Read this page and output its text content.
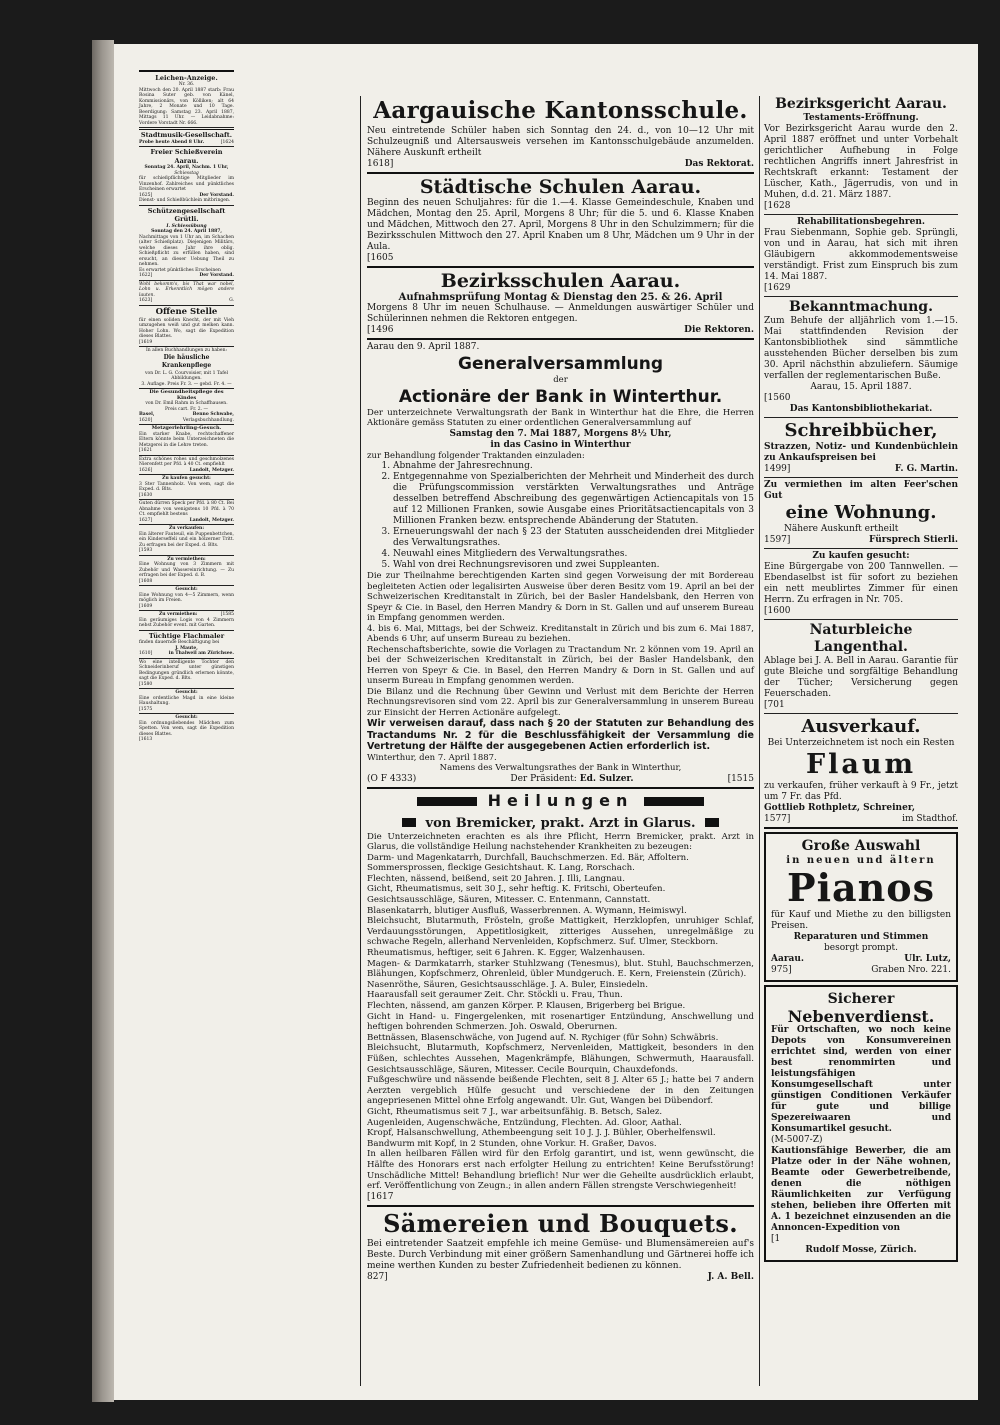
Leichen-Anzeige.
Nr. 36.

Mittwoch den 20. April 1887 starb: Frau Rosina Suter geb. von Känel, Kommissionärs, von Kölliken; alt 64 Jahre, 2 Monate und 10 Tage. Beerdigung: Samstag 23. April 1887, Mittags 11 Uhr. — Leidabnahme: Vordere Vorstadt Nr. 666.

Stadtmusik-Gesellschaft.
Probe heute Abend 8 Uhr. [1624
Freier Schießverein Aarau.
Sonntag 24. April, Nachm. 1 Uhr,
Schiesstag

für schießpflichtige Mitglieder im Vinzenhof. Zahlreiches und pünktliches Erscheinen erwartet

1625]	Der Vorstand.

Dienst- und Schießbüchlein mitbringen.

Schützengesellschaft Grütli.
I. Schiessübung
Sonntag den 24. April 1887,

Nachmittags von 1 Uhr an, im Schachen (alter Schießplatz). Diejenigen Militärs, welche dieses Jahr ihre oblig. Schießpflicht zu erfüllen haben, sind ersucht, an dieser Uebung Theil zu nehmen.

Es erwartet pünktliches Erscheinen

1622]	Der Vorstand.

Wohl bekomm's, bis That war nobel, Lohn u. Erkenntlich mögen andere lauten.

1623]	G.
Offene Stelle

für einen soliden Knecht, der mit Vieh umzugehen weiß und gut melken kann. Hoher Lohn. Wo, sagt die Expedition dieses Blattes.

[1619
In allen Buchhandlungen zu haben:
Die häusliche Krankenpflege
von Dr. L. G. Courvoisier, mit 1 Tafel Abbildungen.
3. Auflage. Preis Fr. 3. — gebd. Fr. 4. —
Die Gesundheitspflege des Kindes
von Dr. Emil Rahm in Schaffhausen.
Preis cart. Fr. 2. —
Basel,	Benno Schwabe,
1620]	Verlagsbuchhandlung.
Metzgerlehrling-Gesuch.

Ein starker Knabe, rechtschaffener Eltern könnte beim Unterzeichneten die Metzgerei in die Lehre treten.

[1621

Extra schönes rohes und geschmolzenes Nierenfett per Pfd. à 40 Ct. empfiehlt

1626]	Landolt, Metzger.
Zu kaufen gesucht:

3 Ster Tannenholz. Von wem, sagt die Exped. d. Blts.

[1630

Guten dürren Speck per Pfd. à 80 Ct. Bei Abnahme von wenigstens 10 Pfd. à 70 Ct. empfiehlt bestens

1627]	Landolt, Metzger.
Zu verkaufen:

Ein älterer Fauteuil, ein Puppenbettchen, ein Kinderseffeli und ein hölzerner Tritt. Zu erfragen bei der Exped. d. Blts.

[1593
Zu vermiethen:

Eine Wohnung von 3 Zimmern mit Zubehör und Wassereinrichtung. — Zu erfragen bei der Exped. d. B.

[1608
Gesucht:

Eine Wohnung von 4—5 Zimmern, wenn möglich im Freien.

[1609
Zu vermiethen:	[1585

Ein geräumiges Logis von 4 Zimmern nebst Zubehör event. mit Garten.

Tüchtige Flachmaler
finden dauernde Beschäftigung bei
J. Maute,
1610] in Thalweil am Zürichsee.

Wo eine intelligente Tochter den Schneiderinberuf unter günstigen Bedingungen gründlich erlernen könnte, sagt die Exped. d. Blts.

[1580
Gesucht:

Eine ordentliche Magd in eine kleine Haushaltung.

[1575
Gesucht:

Ein ordnungsliebendes Mädchen zum Spetten. Von wem, sagt die Expedition dieses Blattes.

[1613
Aargauische Kantonsschule.

Neu eintretende Schüler haben sich Sonntag den 24. d., von 10—12 Uhr mit Schulzeugniß und Altersausweis versehen im Kantonsschulgebäude anzumelden. Nähere Auskunft ertheilt

1618]	Das Rektorat.
Städtische Schulen Aarau.

Beginn des neuen Schuljahres: für die 1.—4. Klasse Gemeindeschule, Knaben und Mädchen, Montag den 25. April, Morgens 8 Uhr; für die 5. und 6. Klasse Knaben und Mädchen, Mittwoch den 27. April, Morgens 8 Uhr in den Schulzimmern; für die Bezirksschulen Mittwoch den 27. April Knaben um 8 Uhr, Mädchen um 9 Uhr in der Aula.

[1605
Bezirksschulen Aarau.
Aufnahmsprüfung Montag & Dienstag den 25. & 26. April

Morgens 8 Uhr im neuen Schulhause. — Anmeldungen auswärtiger Schüler und Schülerinnen nehmen die Rektoren entgegen.

[1496	Die Rektoren.
Aarau den 9. April 1887.
Generalversammlung
der
Actionäre der Bank in Winterthur.

Der unterzeichnete Verwaltungsrath der Bank in Winterthur hat die Ehre, die Herren Aktionäre gemäss Statuten zu einer ordentlichen Generalversammlung auf

Samstag den 7. Mai 1887, Morgens 8½ Uhr,
in das Casino in Winterthur
zur Behandlung folgender Traktanden einzuladen:
1. Abnahme der Jahresrechnung.
2. Entgegennahme von Spezialberichten der Mehrheit und Minderheit des durch die Prüfungscommission verstärkten Verwaltungsrathes und Anträge desselben betreffend Abschreibung des gegenwärtigen Actiencapitals von 15 auf 12 Millionen Franken, sowie Ausgabe eines Prioritätsactiencapitals von 3 Millionen Franken bezw. entsprechende Abänderung der Statuten.
3. Erneuerungswahl der nach § 23 der Statuten ausscheidenden drei Mitglieder des Verwaltungsrathes.
4. Neuwahl eines Mitgliedern des Verwaltungsrathes.
5. Wahl von drei Rechnungsrevisoren und zwei Suppleanten.

Die zur Theilnahme berechtigenden Karten sind gegen Vorweisung der mit Bordereau begleiteten Actien oder legalisirten Ausweise über deren Besitz vom 19. April an bei der Schweizerischen Kreditanstalt in Zürich, bei der Basler Handelsbank, den Herren von Speyr & Cie. in Basel, den Herren Mandry & Dorn in St. Gallen und auf unserem Bureau in Empfang genommen werden.

4. bis 6. Mai, Mittags, bei der Schweiz. Kreditanstalt in Zürich und bis zum 6. Mai 1887, Abends 6 Uhr, auf unserm Bureau zu beziehen.

Rechenschaftsberichte, sowie die Vorlagen zu Tractandum Nr. 2 können vom 19. April an bei der Schweizerischen Kreditanstalt in Zürich, bei der Basler Handelsbank, den Herren von Speyr & Cie. in Basel, den Herren Mandry & Dorn in St. Gallen und auf unserm Bureau in Empfang genommen werden.

Die Bilanz und die Rechnung über Gewinn und Verlust mit dem Berichte der Herren Rechnungsrevisoren sind vom 22. April bis zur Generalversammlung in unserem Bureau zur Einsicht der Herren Actionäre aufgelegt.

Wir verweisen darauf, dass nach § 20 der Statuten zur Behandlung des Tractandums Nr. 2 für die Beschlussfähigkeit der Versammlung die Vertretung der Hälfte der ausgegebenen Actien erforderlich ist.

Winterthur, den 7. April 1887.
Namens des Verwaltungsrathes der Bank in Winterthur,
(O F 4333)	Der Präsident: Ed. Sulzer.	[1515
Heilungen
von Bremicker, prakt. Arzt in Glarus.

Die Unterzeichneten erachten es als ihre Pflicht, Herrn Bremicker, prakt. Arzt in Glarus, die vollständige Heilung nachstehender Krankheiten zu bezeugen:

Darm- und Magenkatarrh, Durchfall, Bauchschmerzen. Ed. Bär, Affoltern.

Sommersprossen, fleckige Gesichtshaut. K. Lang, Rorschach.

Flechten, nässend, beißend, seit 20 Jahren. J. Illi, Langnau.

Gicht, Rheumatismus, seit 30 J., sehr heftig. K. Fritschi, Oberteufen.

Gesichtsausschläge, Säuren, Mitesser. C. Entenmann, Cannstatt.

Blasenkatarrh, blutiger Ausfluß, Wasserbrennen. A. Wymann, Heimiswyl.

Bleichsucht, Blutarmuth, Frösteln, große Mattigkeit, Herzklopfen, unruhiger Schlaf, Verdauungsstörungen, Appetitlosigkeit, zitteriges Aussehen, unregelmäßige zu schwache Regeln, allerhand Nervenleiden, Kopfschmerz. Suf. Ulmer, Steckborn.

Rheumatismus, heftiger, seit 6 Jahren. K. Egger, Walzenhausen.

Magen- & Darmkatarrh, starker Stuhlzwang (Tenesmus), blut. Stuhl, Bauchschmerzen, Blähungen, Kopfschmerz, Ohrenleid, übler Mundgeruch. E. Kern, Freienstein (Zürich).

Nasenröthe, Säuren, Gesichtsausschläge. J. A. Buler, Einsiedeln.

Haarausfall seit geraumer Zeit. Chr. Stöckli u. Frau, Thun.

Flechten, nässend, am ganzen Körper. P. Klausen, Brigerberg bei Brigue.

Gicht in Hand- u. Fingergelenken, mit rosenartiger Entzündung, Anschwellung und heftigen bohrenden Schmerzen. Joh. Oswald, Oberurnen.

Bettnässen, Blasenschwäche, von Jugend auf. N. Rychiger (für Sohn) Schwäbris.

Bleichsucht, Blutarmuth, Kopfschmerz, Nervenleiden, Mattigkeit, besonders in den Füßen, schlechtes Aussehen, Magenkrämpfe, Blähungen, Schwermuth, Haarausfall. Gesichtsausschläge, Säuren, Mitesser. Cecile Bourquin, Chauxdefonds.

Fußgeschwüre und nässende beißende Flechten, seit 8 J. Alter 65 J.; hatte bei 7 andern Aerzten vergeblich Hülfe gesucht und verschiedene der in den Zeitungen angepriesenen Mittel ohne Erfolg angewandt. Ulr. Gut, Wangen bei Dübendorf.

Gicht, Rheumatismus seit 7 J., war arbeitsunfähig. B. Betsch, Salez.

Augenleiden, Augenschwäche, Entzündung, Flechten. Ad. Gloor, Aathal.

Kropf, Halsanschwellung, Athembeengung seit 10 J. J. J. Bühler, Oberhelfenswil.

Bandwurm mit Kopf, in 2 Stunden, ohne Vorkur. H. Graßer, Davos.

In allen heilbaren Fällen wird für den Erfolg garantirt, und ist, wenn gewünscht, die Hälfte des Honorars erst nach erfolgter Heilung zu entrichten! Keine Berufsstörung! Unschädliche Mittel! Behandlung brieflich! Nur wer die Geheilte ausdrücklich erlaubt, erf. Veröffentlichung von Zeugn.; in allen andern Fällen strengste Verschwiegenheit!

[1617
Sämereien und Bouquets.

Bei eintretender Saatzeit empfehle ich meine Gemüse- und Blumensämereien auf's Beste. Durch Verbindung mit einer größern Samenhandlung und Gärtnerei hoffe ich meine werthen Kunden zu bester Zufriedenheit bedienen zu können.

827]	J. A. Bell.
Bezirksgericht Aarau.
Testaments-Eröffnung.

Vor Bezirksgericht Aarau wurde den 2. April 1887 eröffnet und unter Vorbehalt gerichtlicher Aufhebung in Folge rechtlichen Angriffs innert Jahresfrist in Rechtskraft erkannt: Testament der Lüscher, Kath., Jägerrudis, von und in Muhen, d.d. 21. März 1887.

[1628
Rehabilitationsbegehren.

Frau Siebenmann, Sophie geb. Sprüngli, von und in Aarau, hat sich mit ihren Gläubigern akkommodementsweise verständigt. Frist zum Einspruch bis zum 14. Mai 1887.

[1629
Bekanntmachung.

Zum Behufe der alljährlich vom 1.—15. Mai stattfindenden Revision der Kantonsbibliothek sind sämmtliche ausstehenden Bücher derselben bis zum 30. April nächsthin abzuliefern. Säumige verfallen der reglementarischen Buße.

Aarau, 15. April 1887.
[1560
Das Kantonsbibliothekariat.
Schreibbücher,

Strazzen, Notiz- und Kundenbüchlein zu Ankaufspreisen bei

1499]	F. G. Martin.
Zu vermiethen im alten Feer'schen Gut
eine Wohnung.
Nähere Auskunft ertheilt
1597]	Fürsprech Stierli.
Zu kaufen gesucht:

Eine Bürgergabe von 200 Tannwellen. — Ebendaselbst ist für sofort zu beziehen ein nett meublirtes Zimmer für einen Herrn. Zu erfragen in Nr. 705.

[1600
Naturbleiche Langenthal.

Ablage bei J. A. Bell in Aarau. Garantie für gute Bleiche und sorgfältige Behandlung der Tücher; Versicherung gegen Feuerschaden.

[701
Ausverkauf.
Bei Unterzeichnetem ist noch ein Resten
Flaum

zu verkaufen, früher verkauft à 9 Fr., jetzt um 7 Fr. das Pfd.

Gottlieb Rothpletz, Schreiner,
1577]	im Stadthof.
Große Auswahl
in neuen und ältern
Pianos

für Kauf und Miethe zu den billigsten Preisen.

Reparaturen und Stimmen
besorgt prompt.
Aarau.	Ulr. Lutz,
975]	Graben Nro. 221.
Sicherer
Nebenverdienst.

Für Ortschaften, wo noch keine Depots von Konsumvereinen errichtet sind, werden von einer best renommirten und leistungsfähigen Konsumgesellschaft unter günstigen Conditionen Verkäufer für gute und billige Spezereiwaaren und Konsumartikel gesucht.

(M-5007-Z)

Kautionsfähige Bewerber, die am Platze oder in der Nähe wohnen, Beamte oder Gewerbetreibende, denen die nöthigen Räumlichkeiten zur Verfügung stehen, belieben ihre Offerten mit A. 1 bezeichnet einzusenden an die Annoncen-Expedition von

[1
Rudolf Mosse, Zürich.
